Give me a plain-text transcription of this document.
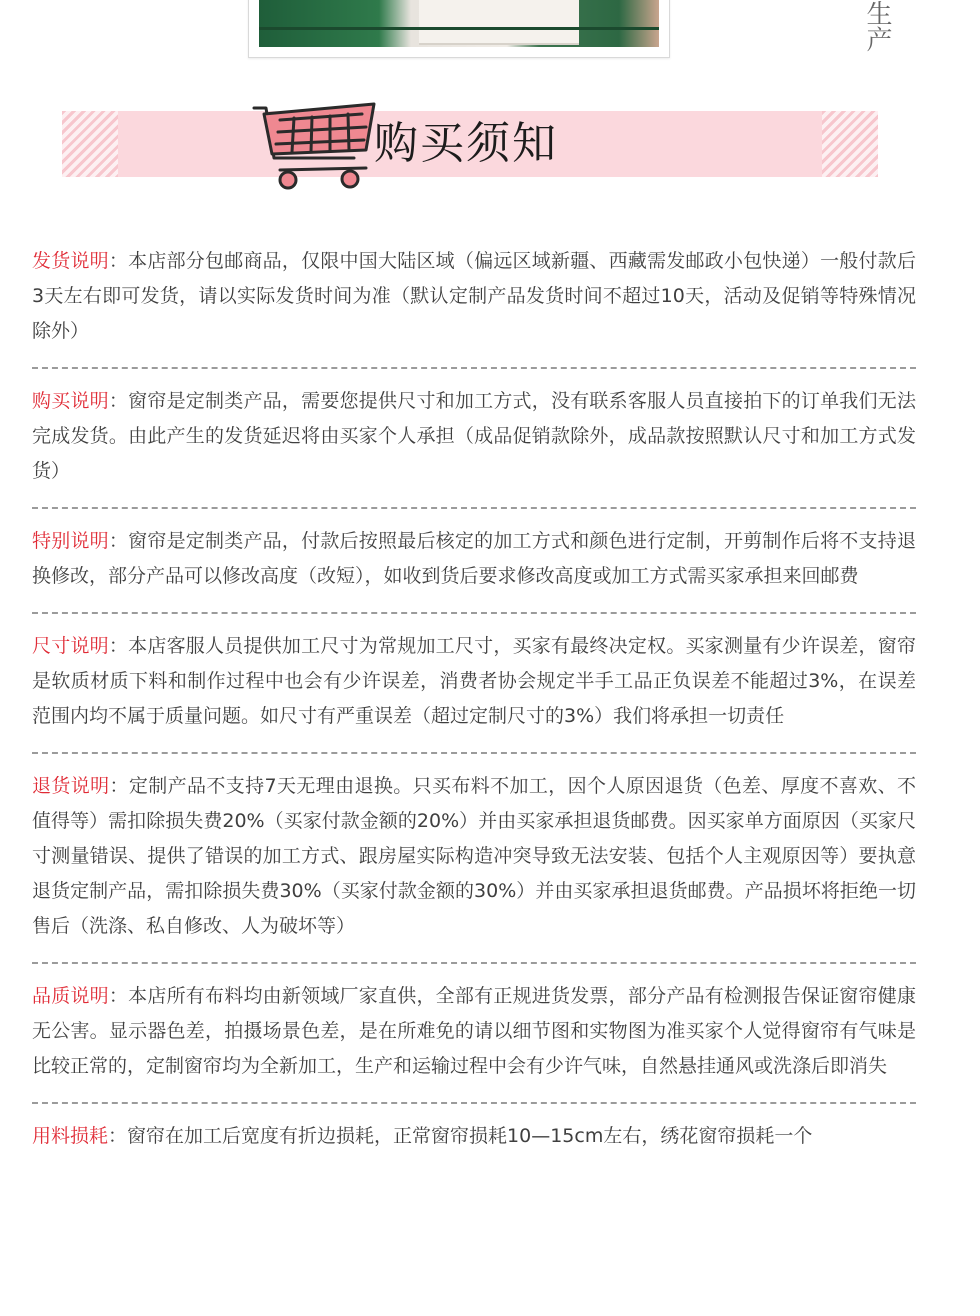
生产
购买须知
发货说明：本店部分包邮商品，仅限中国大陆区域（偏远区域新疆、西藏需发邮政小包快递）一般付款后3天左右即可发货，请以实际发货时间为准（默认定制产品发货时间不超过10天，活动及促销等特殊情况除外）
购买说明：窗帘是定制类产品，需要您提供尺寸和加工方式，没有联系客服人员直接拍下的订单我们无法完成发货。由此产生的发货延迟将由买家个人承担（成品促销款除外，成品款按照默认尺寸和加工方式发货）
特别说明：窗帘是定制类产品，付款后按照最后核定的加工方式和颜色进行定制，开剪制作后将不支持退换修改，部分产品可以修改高度（改短），如收到货后要求修改高度或加工方式需买家承担来回邮费
尺寸说明：本店客服人员提供加工尺寸为常规加工尺寸，买家有最终决定权。买家测量有少许误差，窗帘是软质材质下料和制作过程中也会有少许误差，消费者协会规定半手工品正负误差不能超过3%，在误差范围内均不属于质量问题。如尺寸有严重误差（超过定制尺寸的3%）我们将承担一切责任
退货说明：定制产品不支持7天无理由退换。只买布料不加工，因个人原因退货（色差、厚度不喜欢、不值得等）需扣除损失费20%（买家付款金额的20%）并由买家承担退货邮费。因买家单方面原因（买家尺寸测量错误、提供了错误的加工方式、跟房屋实际构造冲突导致无法安装、包括个人主观原因等）要执意退货定制产品，需扣除损失费30%（买家付款金额的30%）并由买家承担退货邮费。产品损坏将拒绝一切售后（洗涤、私自修改、人为破坏等）
品质说明：本店所有布料均由新领域厂家直供，全部有正规进货发票，部分产品有检测报告保证窗帘健康无公害。显示器色差，拍摄场景色差，是在所难免的请以细节图和实物图为准买家个人觉得窗帘有气味是比较正常的，定制窗帘均为全新加工，生产和运输过程中会有少许气味，自然悬挂通风或洗涤后即消失
用料损耗：窗帘在加工后宽度有折边损耗，正常窗帘损耗10—15cm左右，绣花窗帘损耗一个
